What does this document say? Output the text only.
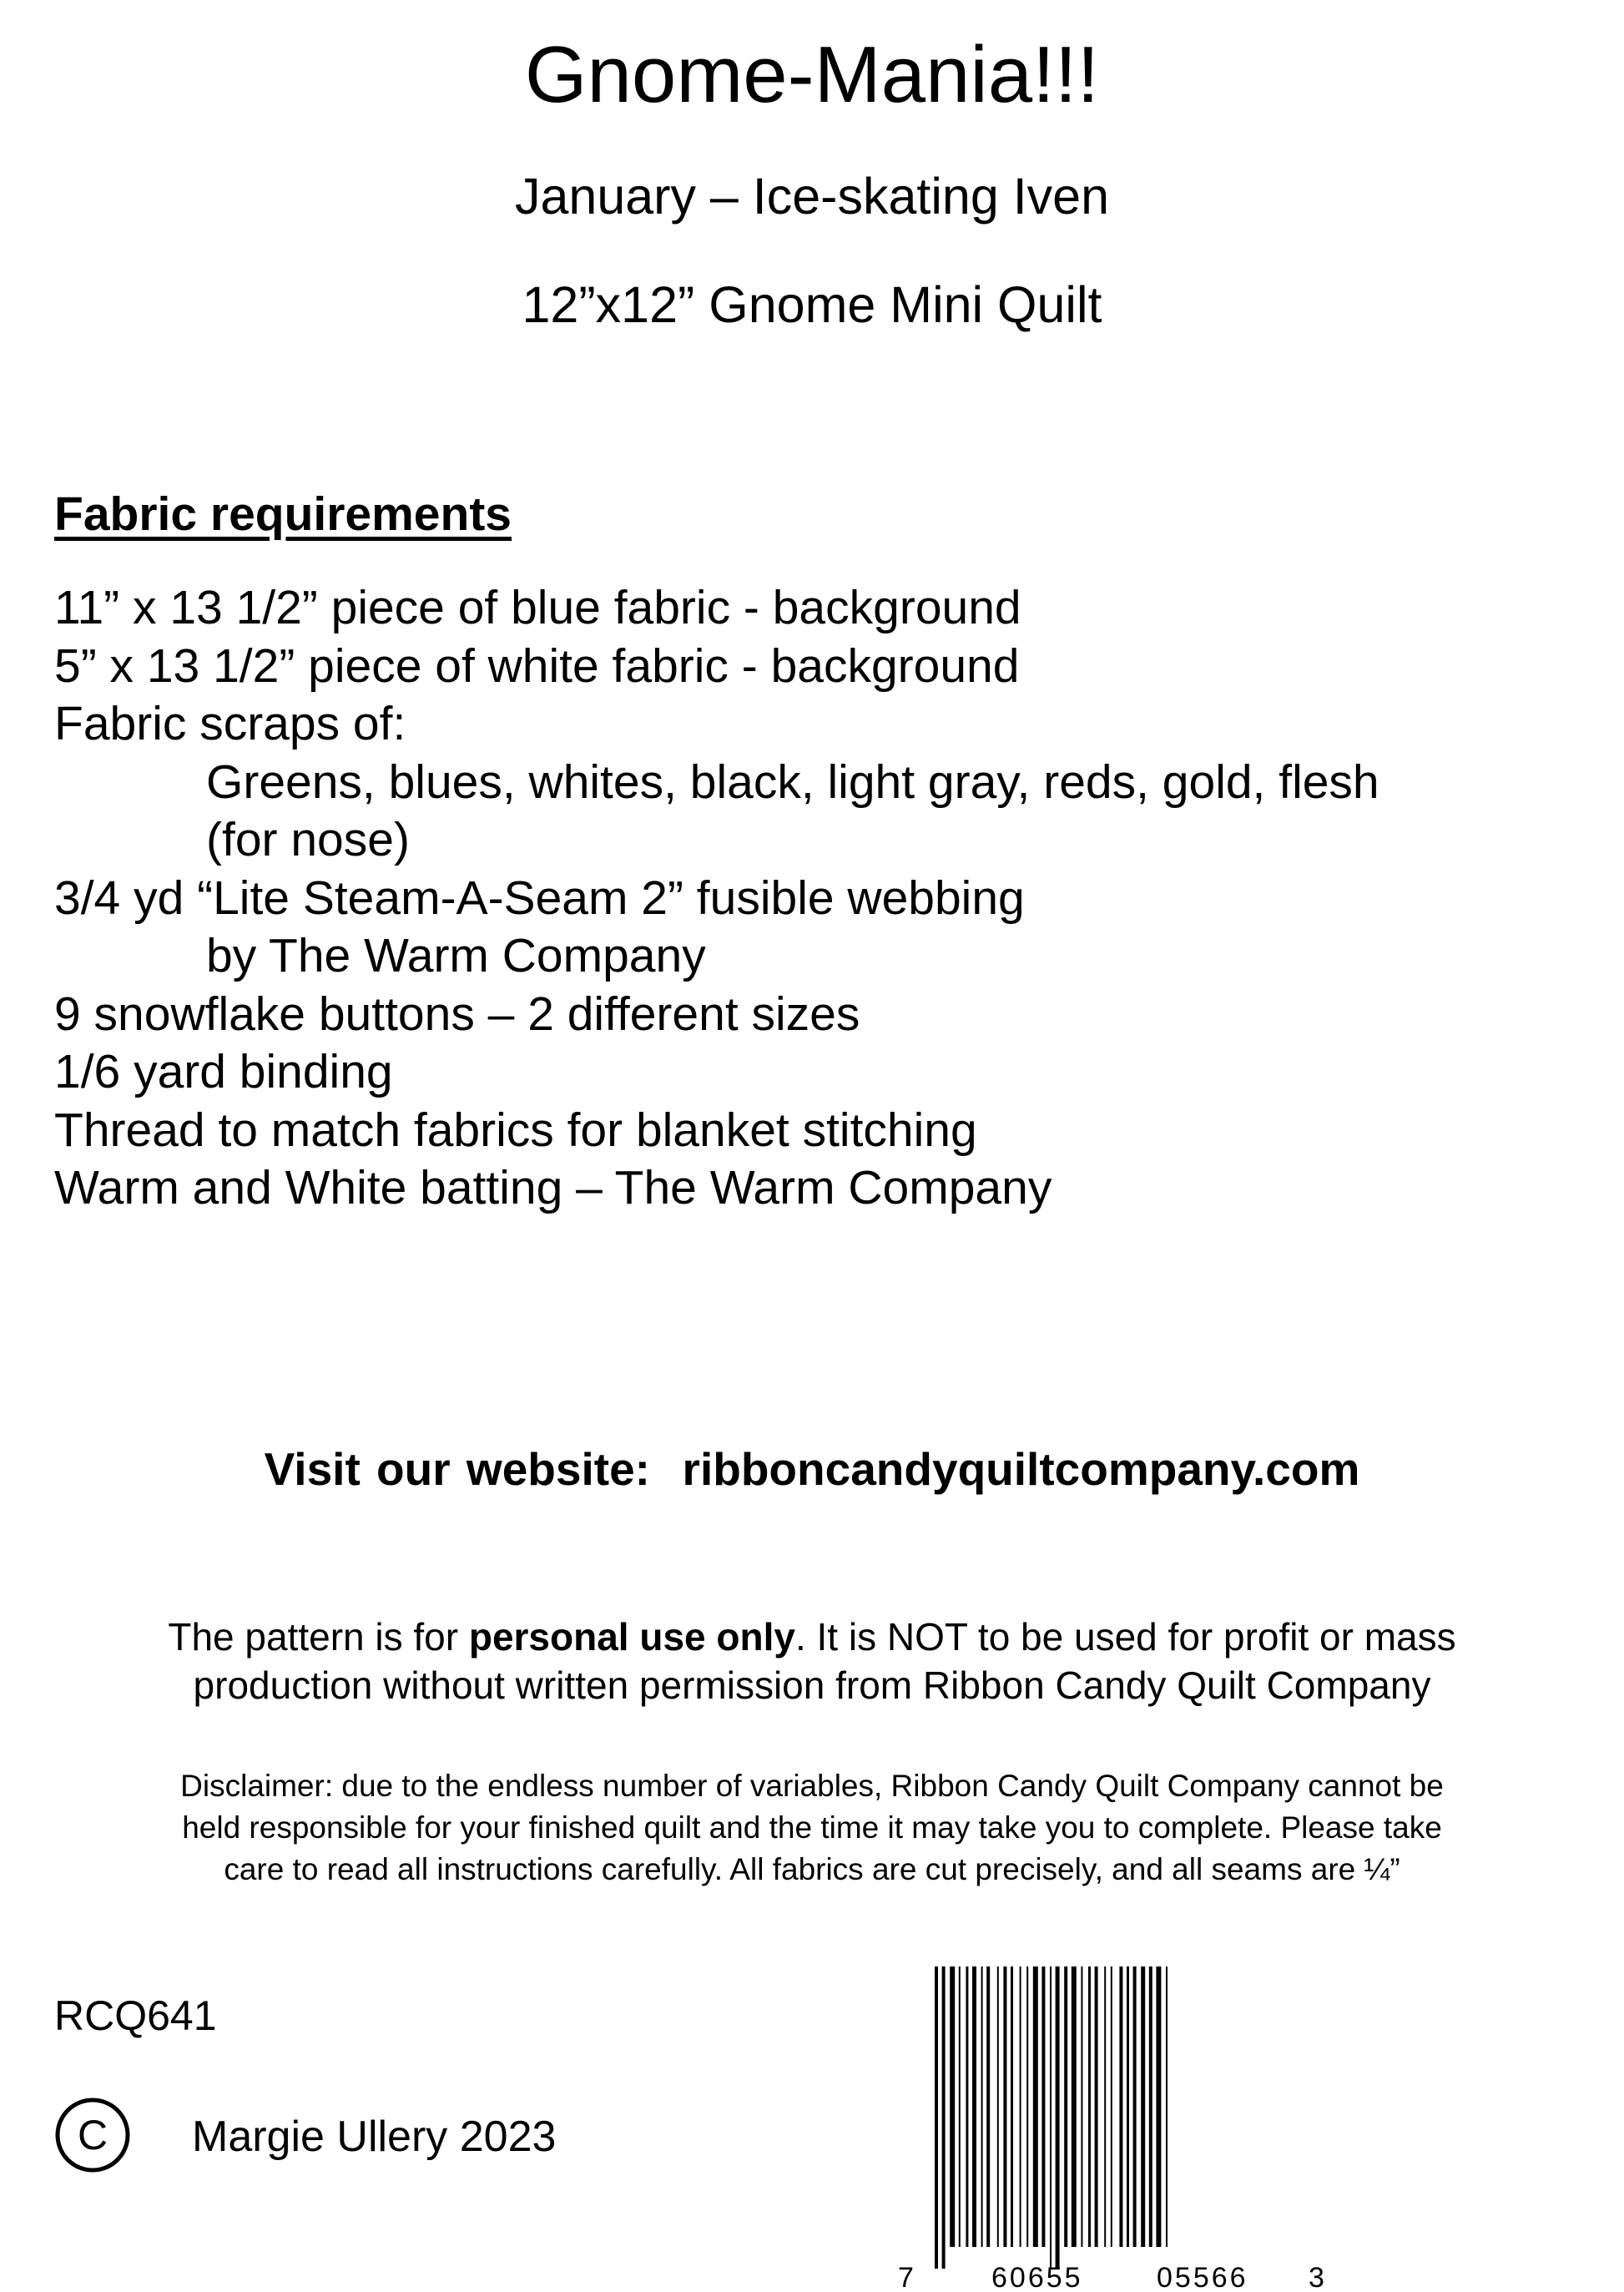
Gnome-Mania!!!
January – Ice-skating Iven
12”x12” Gnome Mini Quilt
Fabric requirements
11” x 13 1/2” piece of blue fabric - background
5” x 13 1/2” piece of white fabric - background
Fabric scraps of:
Greens, blues, whites, black, light gray, reds, gold, flesh
(for nose)
3/4 yd “Lite Steam-A-Seam 2” fusible webbing
by The Warm Company
9 snowflake buttons – 2 different sizes
1/6 yard binding
Thread to match fabrics for blanket stitching
Warm and White batting – The Warm Company
Visit our website: ribboncandyquiltcompany.com
The pattern is for personal use only. It is NOT to be used for profit or mass
production without written permission from Ribbon Candy Quilt Company
Disclaimer: due to the endless number of variables, Ribbon Candy Quilt Company cannot be
held responsible for your finished quilt and the time it may take you to complete. Please take
care to read all instructions carefully. All fabrics are cut precisely, and all seams are ¼”
RCQ641
C Margie Ullery 2023
7	60655	05566 3
